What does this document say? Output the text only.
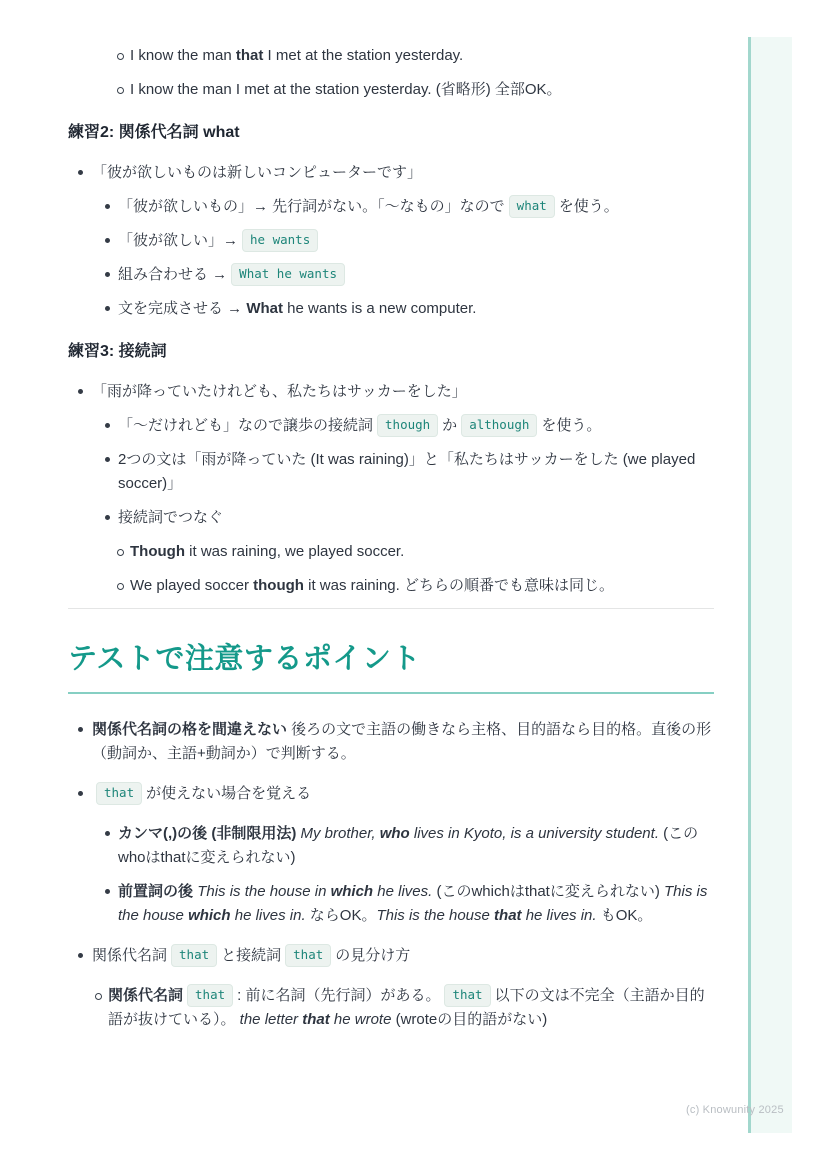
I know the man that I met at the station yesterday.
I know the man I met at the station yesterday. (省略形) 全部OK。
練習2: 関係代名詞 what
「彼が欲しいものは新しいコンピューターです」
「彼が欲しいもの」→ 先行詞がない。「〜なもの」なので what を使う。
「彼が欲しい」→ he wants
組み合わせる → What he wants
文を完成させる → What he wants is a new computer.
練習3: 接続詞
「雨が降っていたけれども、私たちはサッカーをした」
「〜だけれども」なので譲歩の接続詞 though か although を使う。
2つの文は「雨が降っていた (It was raining)」と「私たちはサッカーをした (we played soccer)」
接続詞でつなぐ
Though it was raining, we played soccer.
We played soccer though it was raining. どちらの順番でも意味は同じ。
テストで注意するポイント
関係代名詞の格を間違えない 後ろの文で主語の働きなら主格、目的語なら目的格。直後の形（動詞か、主語+動詞か）で判断する。
that が使えない場合を覚える
カンマ(,)の後 (非制限用法) My brother, who lives in Kyoto, is a university student. (このwhoはthatに変えられない)
前置詞の後 This is the house in which he lives. (このwhichはthatに変えられない) This is the house which he lives in. ならOK。This is the house that he lives in. もOK。
関係代名詞 that と接続詞 that の見分け方
関係代名詞 that : 前に名詞（先行詞）がある。 that 以下の文は不完全（主語か目的語が抜けている）。 the letter that he wrote (wroteの目的語がない)
(c) Knowunity 2025
